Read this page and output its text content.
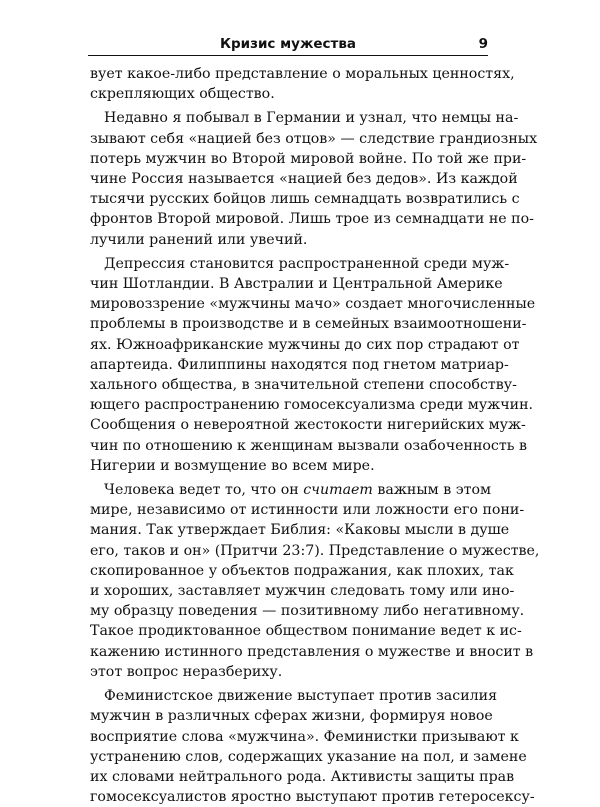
Кризис мужества	9
вует какое-либо представление о моральных ценностях,
скрепляющих общество.
Недавно я побывал в Германии и узнал, что немцы на-
зывают себя «нацией без отцов» — следствие грандиозных
потерь мужчин во Второй мировой войне. По той же при-
чине Россия называется «нацией без дедов». Из каждой
тысячи русских бойцов лишь семнадцать возвратились с
фронтов Второй мировой. Лишь трое из семнадцати не по-
лучили ранений или увечий.
Депрессия становится распространенной среди муж-
чин Шотландии. В Австралии и Центральной Америке
мировоззрение «мужчины мачо» создает многочисленные
проблемы в производстве и в семейных взаимоотношени-
ях. Южноафриканские мужчины до сих пор страдают от
апартеида. Филиппины находятся под гнетом матриар-
хального общества, в значительной степени способству-
ющего распространению гомосексуализма среди мужчин.
Сообщения о невероятной жестокости нигерийских муж-
чин по отношению к женщинам вызвали озабоченность в
Нигерии и возмущение во всем мире.
Человека ведет то, что он считает важным в этом
мире, независимо от истинности или ложности его пони-
мания. Так утверждает Библия: «Каковы мысли в душе
его, таков и он» (Притчи 23:7). Представление о мужестве,
скопированное у объектов подражания, как плохих, так
и хороших, заставляет мужчин следовать тому или ино-
му образцу поведения — позитивному либо негативному.
Такое продиктованное обществом понимание ведет к ис-
кажению истинного представления о мужестве и вносит в
этот вопрос неразбериху.
Феминистское движение выступает против засилия
мужчин в различных сферах жизни, формируя новое
восприятие слова «мужчина». Феминистки призывают к
устранению слов, содержащих указание на пол, и замене
их словами нейтрального рода. Активисты защиты прав
гомосексуалистов яростно выступают против гетеросексу-
